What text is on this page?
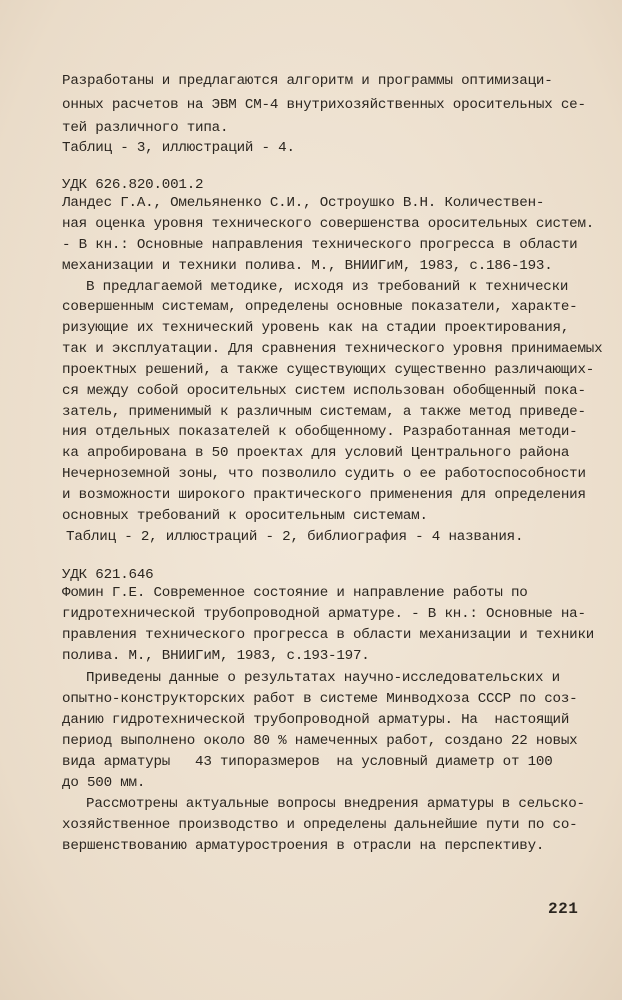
Разработаны и предлагаются алгоритм и программы оптимизаци-
онных расчетов на ЭВМ СМ-4 внутрихозяйственных оросительных се-
тей различного типа.
Таблиц - 3, иллюстраций - 4.
УДК 626.820.001.2
Ландес Г.А., Омельяненко С.И., Остроушко В.Н. Количествен-
ная оценка уровня технического совершенства оросительных систем.
- В кн.: Основные направления технического прогресса в области
механизации и техники полива. М., ВНИИГиМ, 1983, с.186-193.
В предлагаемой методике, исходя из требований к технически
совершенным системам, определены основные показатели, характе-
ризующие их технический уровень как на стадии проектирования,
так и эксплуатации. Для сравнения технического уровня принимаемых
проектных решений, а также существующих существенно различающих-
ся между собой оросительных систем использован обобщенный пока-
затель, применимый к различным системам, а также метод приведе-
ния отдельных показателей к обобщенному. Разработанная методи-
ка апробирована в 50 проектах для условий Центрального района
Нечерноземной зоны, что позволило судить о ее работоспособности
и возможности широкого практического применения для определения
основных требований к оросительным системам.
Таблиц - 2, иллюстраций - 2, библиография - 4 названия.
УДК 621.646
Фомин Г.Е. Современное состояние и направление работы по
гидротехнической трубопроводной арматуре. - В кн.: Основные на-
правления технического прогресса в области механизации и техники
полива. М., ВНИИГиМ, 1983, с.193-197.
Приведены данные о результатах научно-исследовательских и
опытно-конструкторских работ в системе Минводхоза СССР по соз-
данию гидротехнической трубопроводной арматуры. На  настоящий
период выполнено около 80 % намеченных работ, создано 22 новых
вида арматуры   43 типоразмеров  на условный диаметр от 100
до 500 мм.
Рассмотрены актуальные вопросы внедрения арматуры в сельско-
хозяйственное производство и определены дальнейшие пути по со-
вершенствованию арматуростроения в отрасли на перспективу.
221
